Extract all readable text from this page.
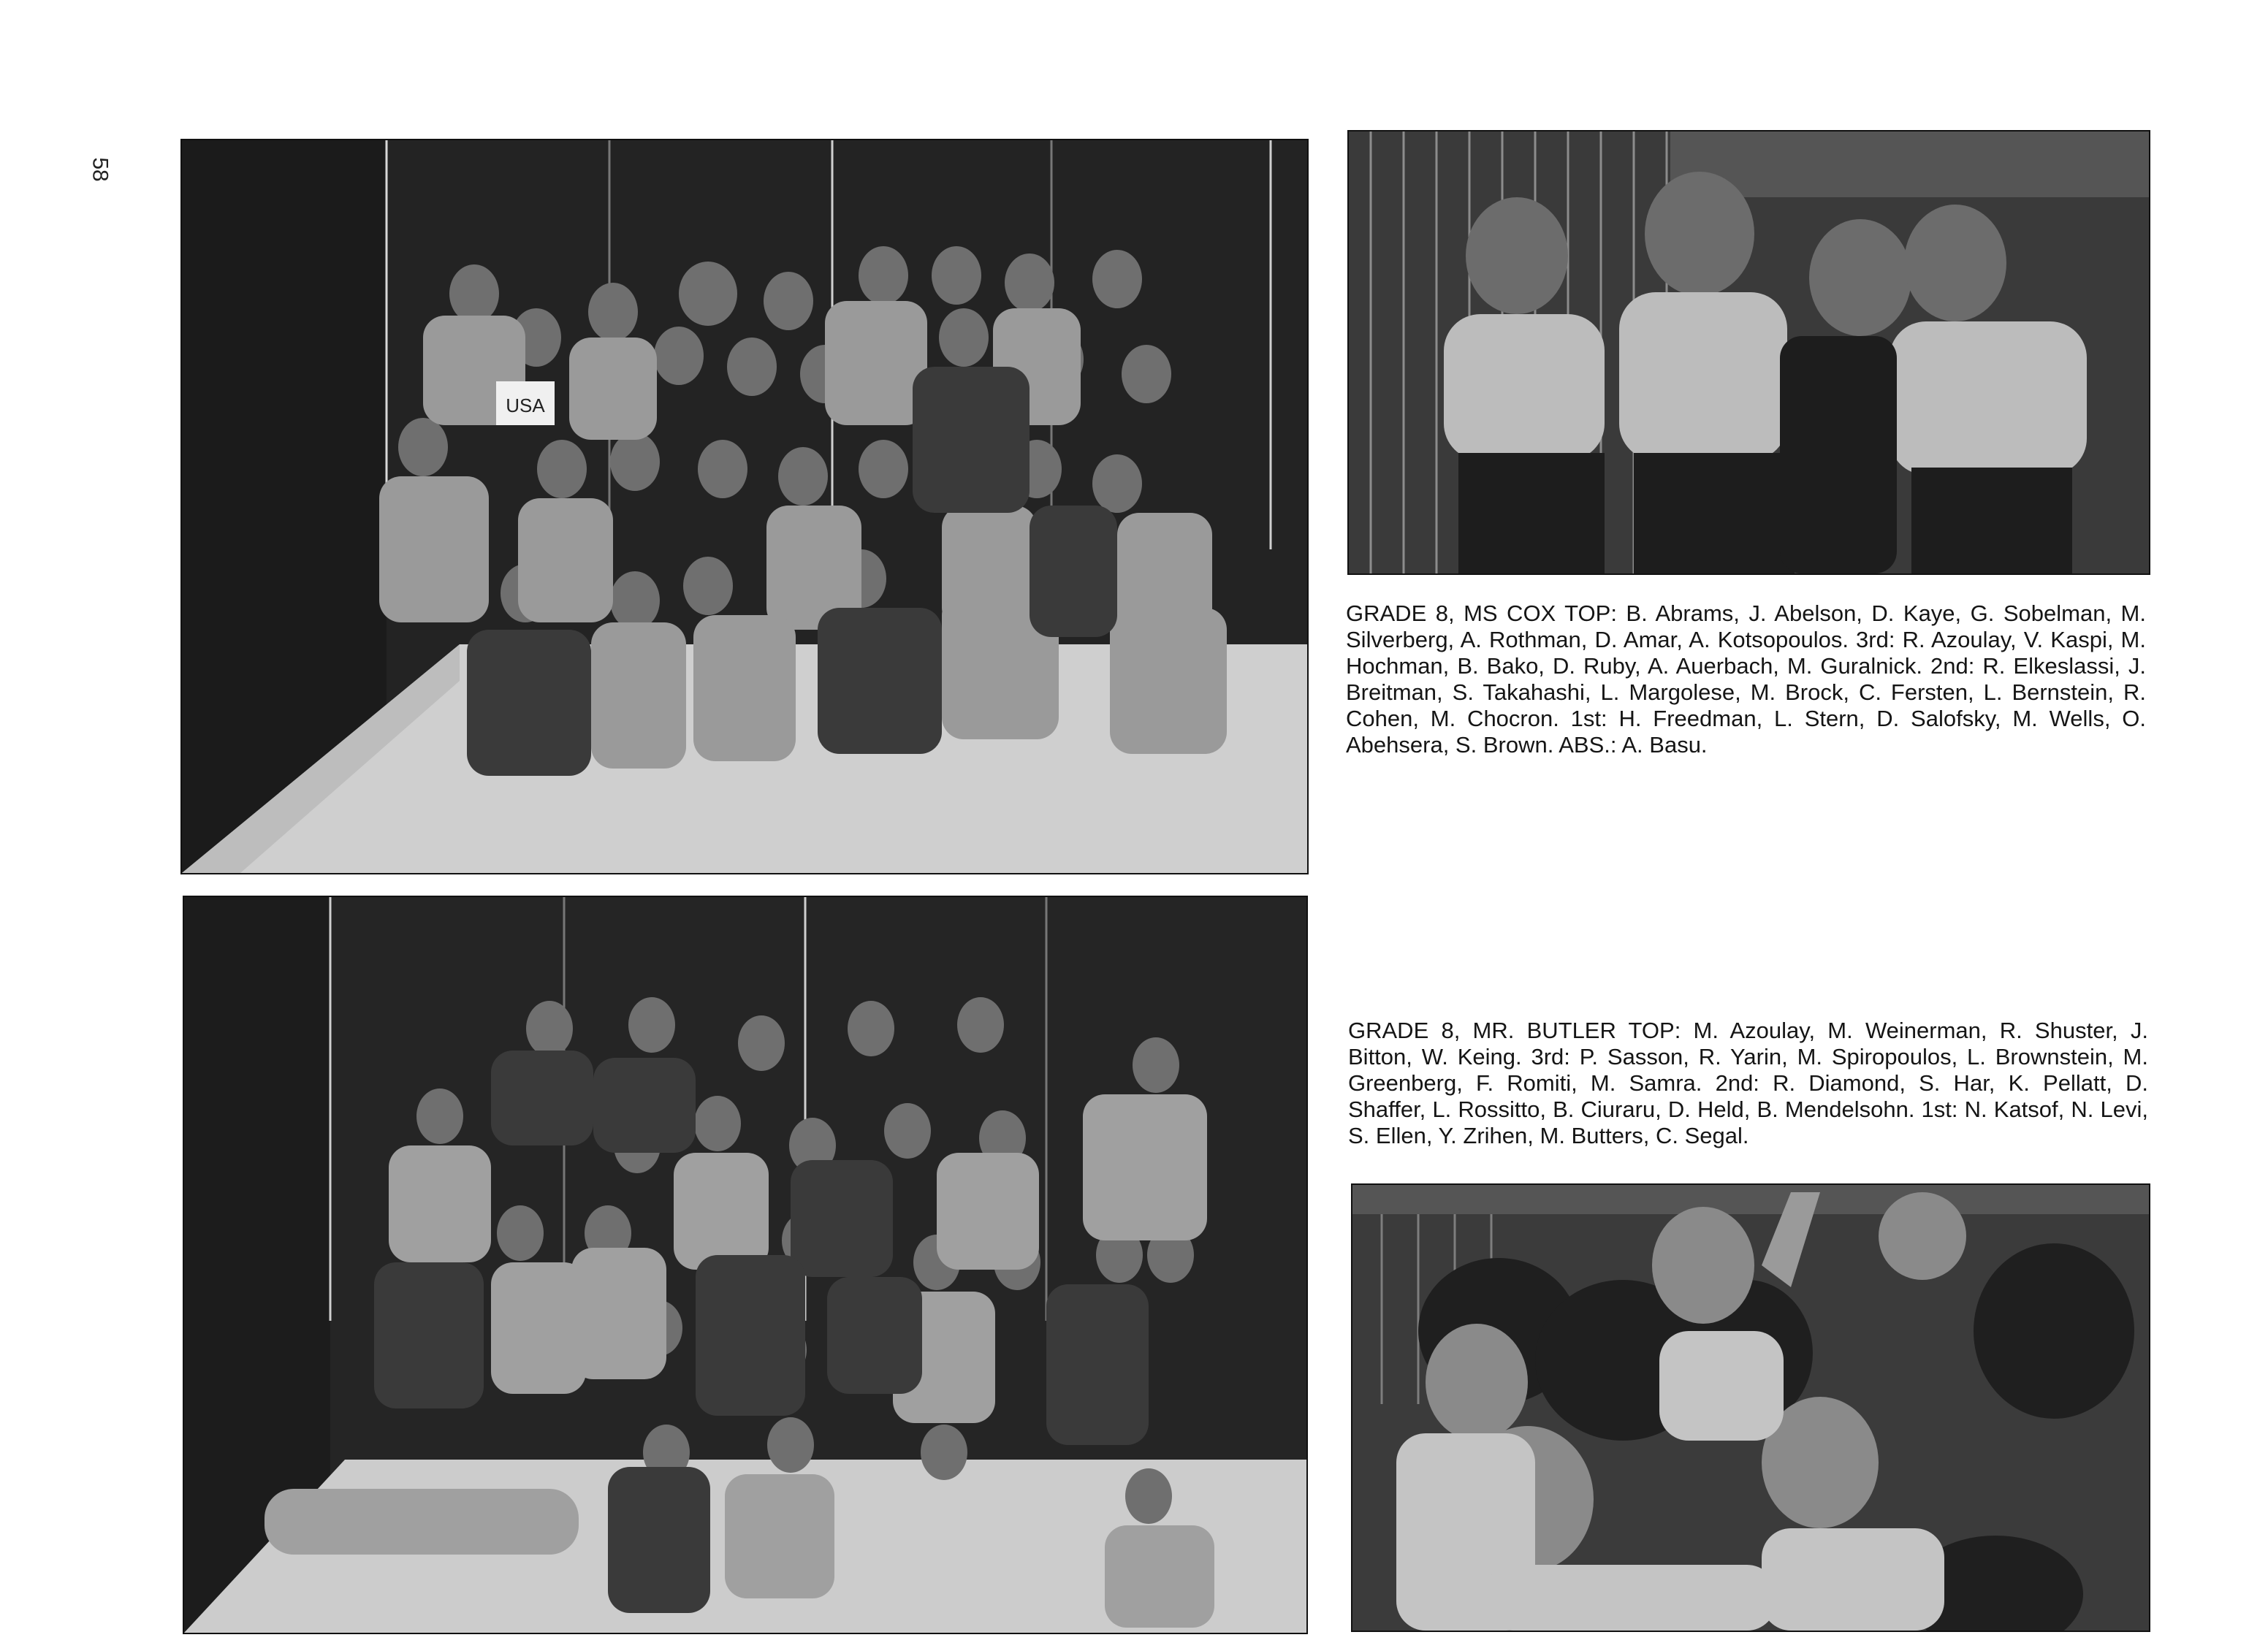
58
USA

GRADE 8, MS COX TOP: B. Abrams, J. Abelson, D. Kaye, G. Sobelman, M. Silverberg, A. Rothman, D. Amar, A. Kotsopoulos. 3rd: R. Azoulay, V. Kaspi, M. Hochman, B. Bako, D. Ruby, A. Auerbach, M. Guralnick. 2nd: R. Elkeslassi, J. Breitman, S. Takahashi, L. Margolese, M. Brock, C. Fersten, L. Bernstein, R. Cohen, M. Chocron. 1st: H. Freedman, L. Stern, D. Salofsky, M. Wells, O. Abehsera, S. Brown. ABS.: A. Basu.

GRADE 8, MR. BUTLER TOP: M. Azoulay, M. Weinerman, R. Shuster, J. Bitton, W. Keing. 3rd: P. Sasson, R. Yarin, M. Spiropoulos, L. Brownstein, M. Greenberg, F. Romiti, M. Samra. 2nd: R. Diamond, S. Har, K. Pellatt, D. Shaffer, L. Rossitto, B. Ciuraru, D. Held, B. Mendelsohn. 1st: N. Katsof, N. Levi, S. Ellen, Y. Zrihen, M. Butters, C. Segal.
